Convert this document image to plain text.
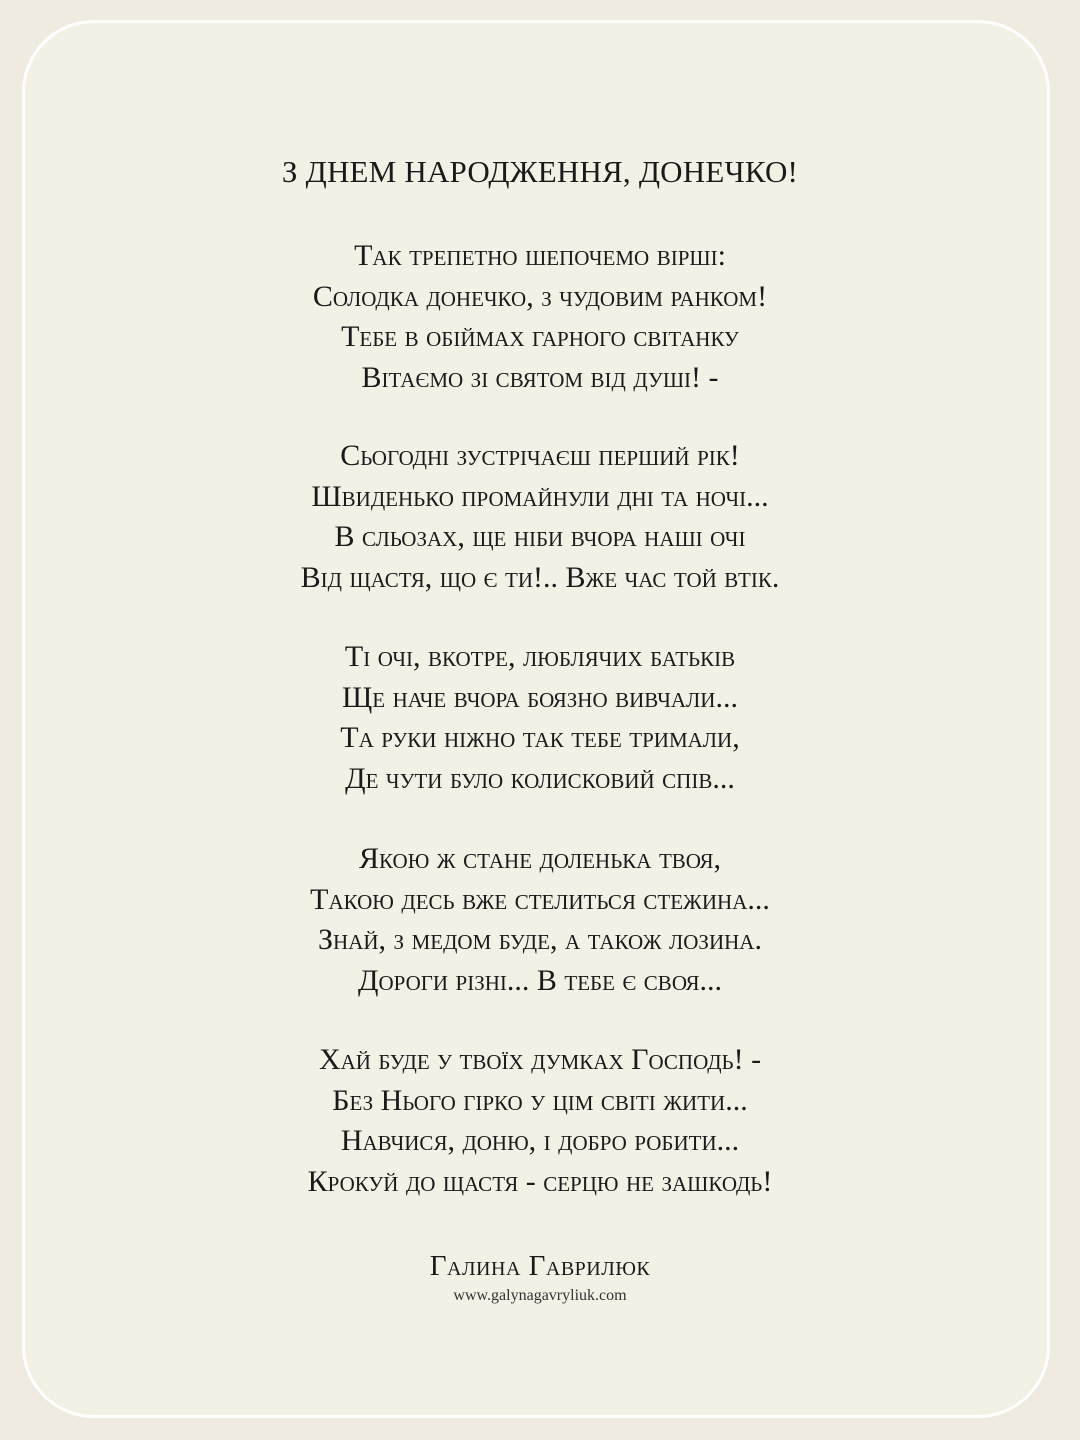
З ДНЕМ НАРОДЖЕННЯ, ДОНЕЧКО!
Так трепетно шепочемо вірші:
Солодка донечко, з чудовим ранком!
Тебе в обіймах гарного світанку
Вітаємо зі святом від душі! -
Сьогодні зустрічаєш перший рік!
Швиденько промайнули дні та ночі...
В сльозах, ще ніби вчора наші очі
Від щастя, що є ти!.. Вже час той втік.
Ті очі, вкотре, люблячих батьків
Ще наче вчора боязно вивчали...
Та руки ніжно так тебе тримали,
Де чути було колисковий спів...
Якою ж стане доленька твоя,
Такою десь вже стелиться стежина...
Знай, з медом буде, а також лозина.
Дороги різні... В тебе є своя...
Хай буде у твоїх думках Господь! -
Без Нього гірко у цім світі жити...
Навчися, доню, і добро робити...
Крокуй до щастя - серцю не зашкодь!
Галина Гаврилюк
www.galynagavryliuk.com
